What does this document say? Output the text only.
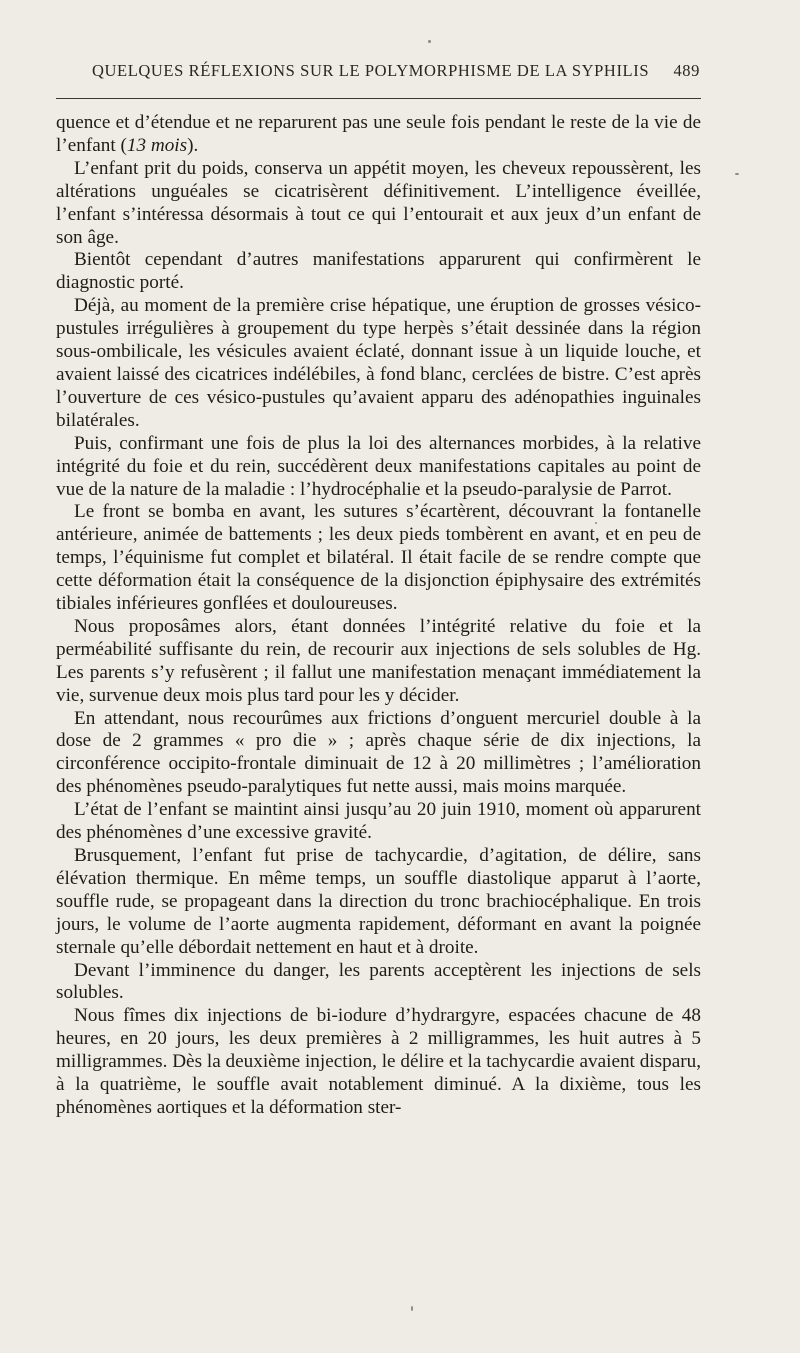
QUELQUES RÉFLEXIONS SUR LE POLYMORPHISME DE LA SYPHILIS 489

quence et d’étendue et ne reparurent pas une seule fois pendant le reste de la vie de l’enfant (13 mois).

L’enfant prit du poids, conserva un appétit moyen, les cheveux repoussèrent, les altérations unguéales se cicatrisèrent définitivement. L’intelligence éveillée, l’enfant s’intéressa désormais à tout ce qui l’entourait et aux jeux d’un enfant de son âge.

Bientôt cependant d’autres manifestations apparurent qui confirmèrent le diagnostic porté.

Déjà, au moment de la première crise hépatique, une éruption de grosses vésico-pustules irrégulières à groupement du type herpès s’était dessinée dans la région sous-ombilicale, les vésicules avaient éclaté, donnant issue à un liquide louche, et avaient laissé des cicatrices indélébiles, à fond blanc, cerclées de bistre. C’est après l’ouverture de ces vésico-pustules qu’avaient apparu des adénopathies inguinales bilatérales.

Puis, confirmant une fois de plus la loi des alternances morbides, à la relative intégrité du foie et du rein, succédèrent deux manifestations capitales au point de vue de la nature de la maladie : l’hydrocéphalie et la pseudo-paralysie de Parrot.

Le front se bomba en avant, les sutures s’écartèrent, découvrant la fontanelle antérieure, animée de battements ; les deux pieds tombèrent en avant, et en peu de temps, l’équinisme fut complet et bilatéral. Il était facile de se rendre compte que cette déformation était la conséquence de la disjonction épiphysaire des extrémités tibiales inférieures gonflées et douloureuses.

Nous proposâmes alors, étant données l’intégrité relative du foie et la perméabilité suffisante du rein, de recourir aux injections de sels solubles de Hg. Les parents s’y refusèrent ; il fallut une manifestation menaçant immédiatement la vie, survenue deux mois plus tard pour les y décider.

En attendant, nous recourûmes aux frictions d’onguent mercuriel double à la dose de 2 grammes « pro die » ; après chaque série de dix injections, la circonférence occipito-frontale diminuait de 12 à 20 millimètres ; l’amélioration des phénomènes pseudo-paralytiques fut nette aussi, mais moins marquée.

L’état de l’enfant se maintint ainsi jusqu’au 20 juin 1910, moment où apparurent des phénomènes d’une excessive gravité.

Brusquement, l’enfant fut prise de tachycardie, d’agitation, de délire, sans élévation thermique. En même temps, un souffle diastolique apparut à l’aorte, souffle rude, se propageant dans la direction du tronc brachiocéphalique. En trois jours, le volume de l’aorte augmenta rapidement, déformant en avant la poignée sternale qu’elle débordait nettement en haut et à droite.

Devant l’imminence du danger, les parents acceptèrent les injections de sels solubles.

Nous fîmes dix injections de bi-iodure d’hydrargyre, espacées chacune de 48 heures, en 20 jours, les deux premières à 2 milligrammes, les huit autres à 5 milligrammes. Dès la deuxième injection, le délire et la tachycardie avaient disparu, à la quatrième, le souffle avait notablement diminué. A la dixième, tous les phénomènes aortiques et la déformation ster-
